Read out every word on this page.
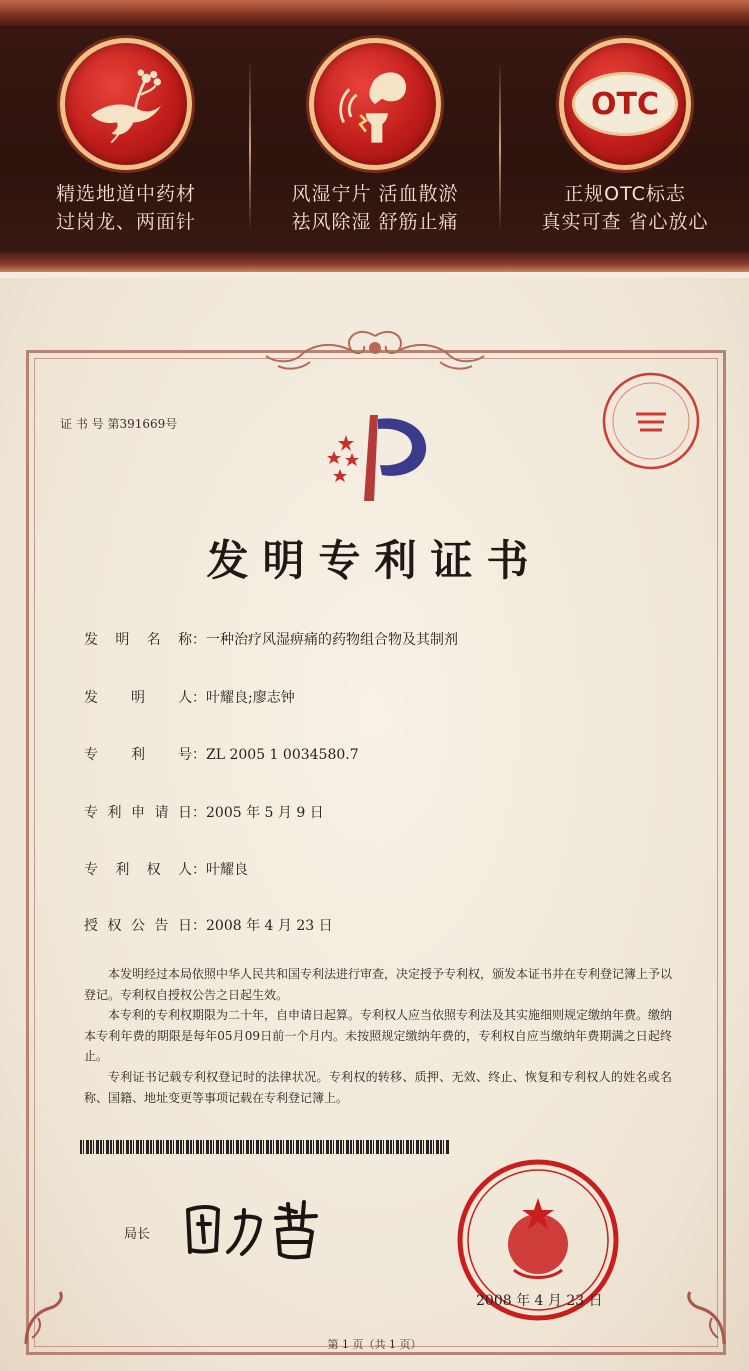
精选地道中药材
过岗龙、两面针
风湿宁片 活血散淤
祛风除湿 舒筋止痛
OTC
正规OTC标志
真实可查 省心放心
证 书 号 第391669号
发明专利证书
发明名称：一种治疗风湿痹痛的药物组合物及其制剂
发明人：叶耀良;廖志钟
专利号：ZL 2005 1 0034580.7
专利申请日：2005 年 5 月 9 日
专利权人：叶耀良
授权公告日：2008 年 4 月 23 日

本发明经过本局依照中华人民共和国专利法进行审查，决定授予专利权，颁发本证书并在专利登记簿上予以登记。专利权自授权公告之日起生效。

本专利的专利权期限为二十年，自申请日起算。专利权人应当依照专利法及其实施细则规定缴纳年费。缴纳本专利年费的期限是每年05月09日前一个月内。未按照规定缴纳年费的，专利权自应当缴纳年费期满之日起终止。

专利证书记载专利权登记时的法律状况。专利权的转移、质押、无效、终止、恢复和专利权人的姓名或名称、国籍、地址变更等事项记载在专利登记簿上。

局长
2008 年 4 月 23 日
第 1 页（共 1 页）
